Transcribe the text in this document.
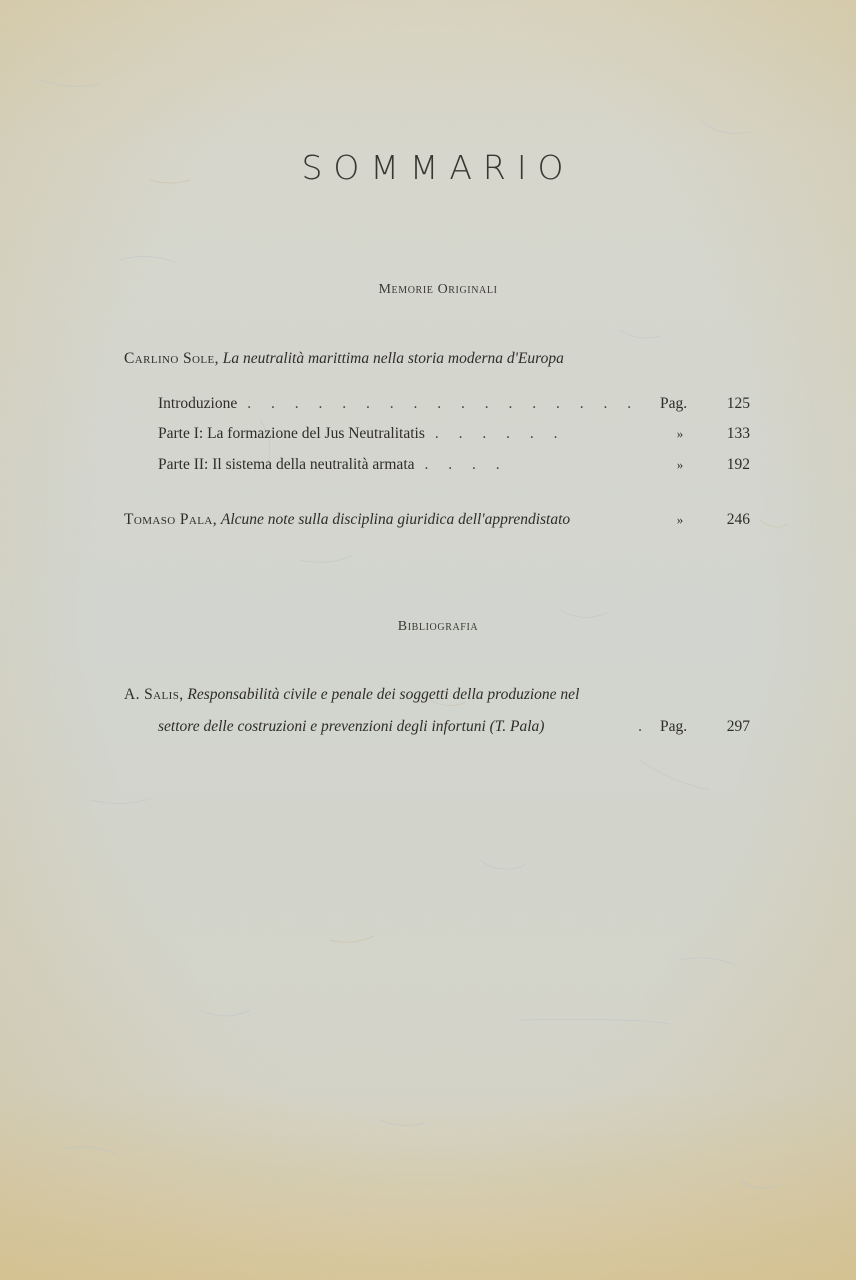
SOMMARIO
Memorie Originali
Carlino Sole, La neutralità marittima nella storia moderna d'Europa
Introduzione . . . . . . . . . . . . . . . . .	Pag.	125
Parte I: La formazione del Jus Neutralitatis . . . . . .	»	133
Parte II: Il sistema della neutralità armata . . . .	»	192
Tomaso Pala, Alcune note sulla disciplina giuridica dell'apprendistato	»	246
Bibliografia
A. Salis, Responsabilità civile e penale dei soggetti della produzione nel
settore delle costruzioni e prevenzioni degli infortuni (T. Pala)	. Pag.	297
